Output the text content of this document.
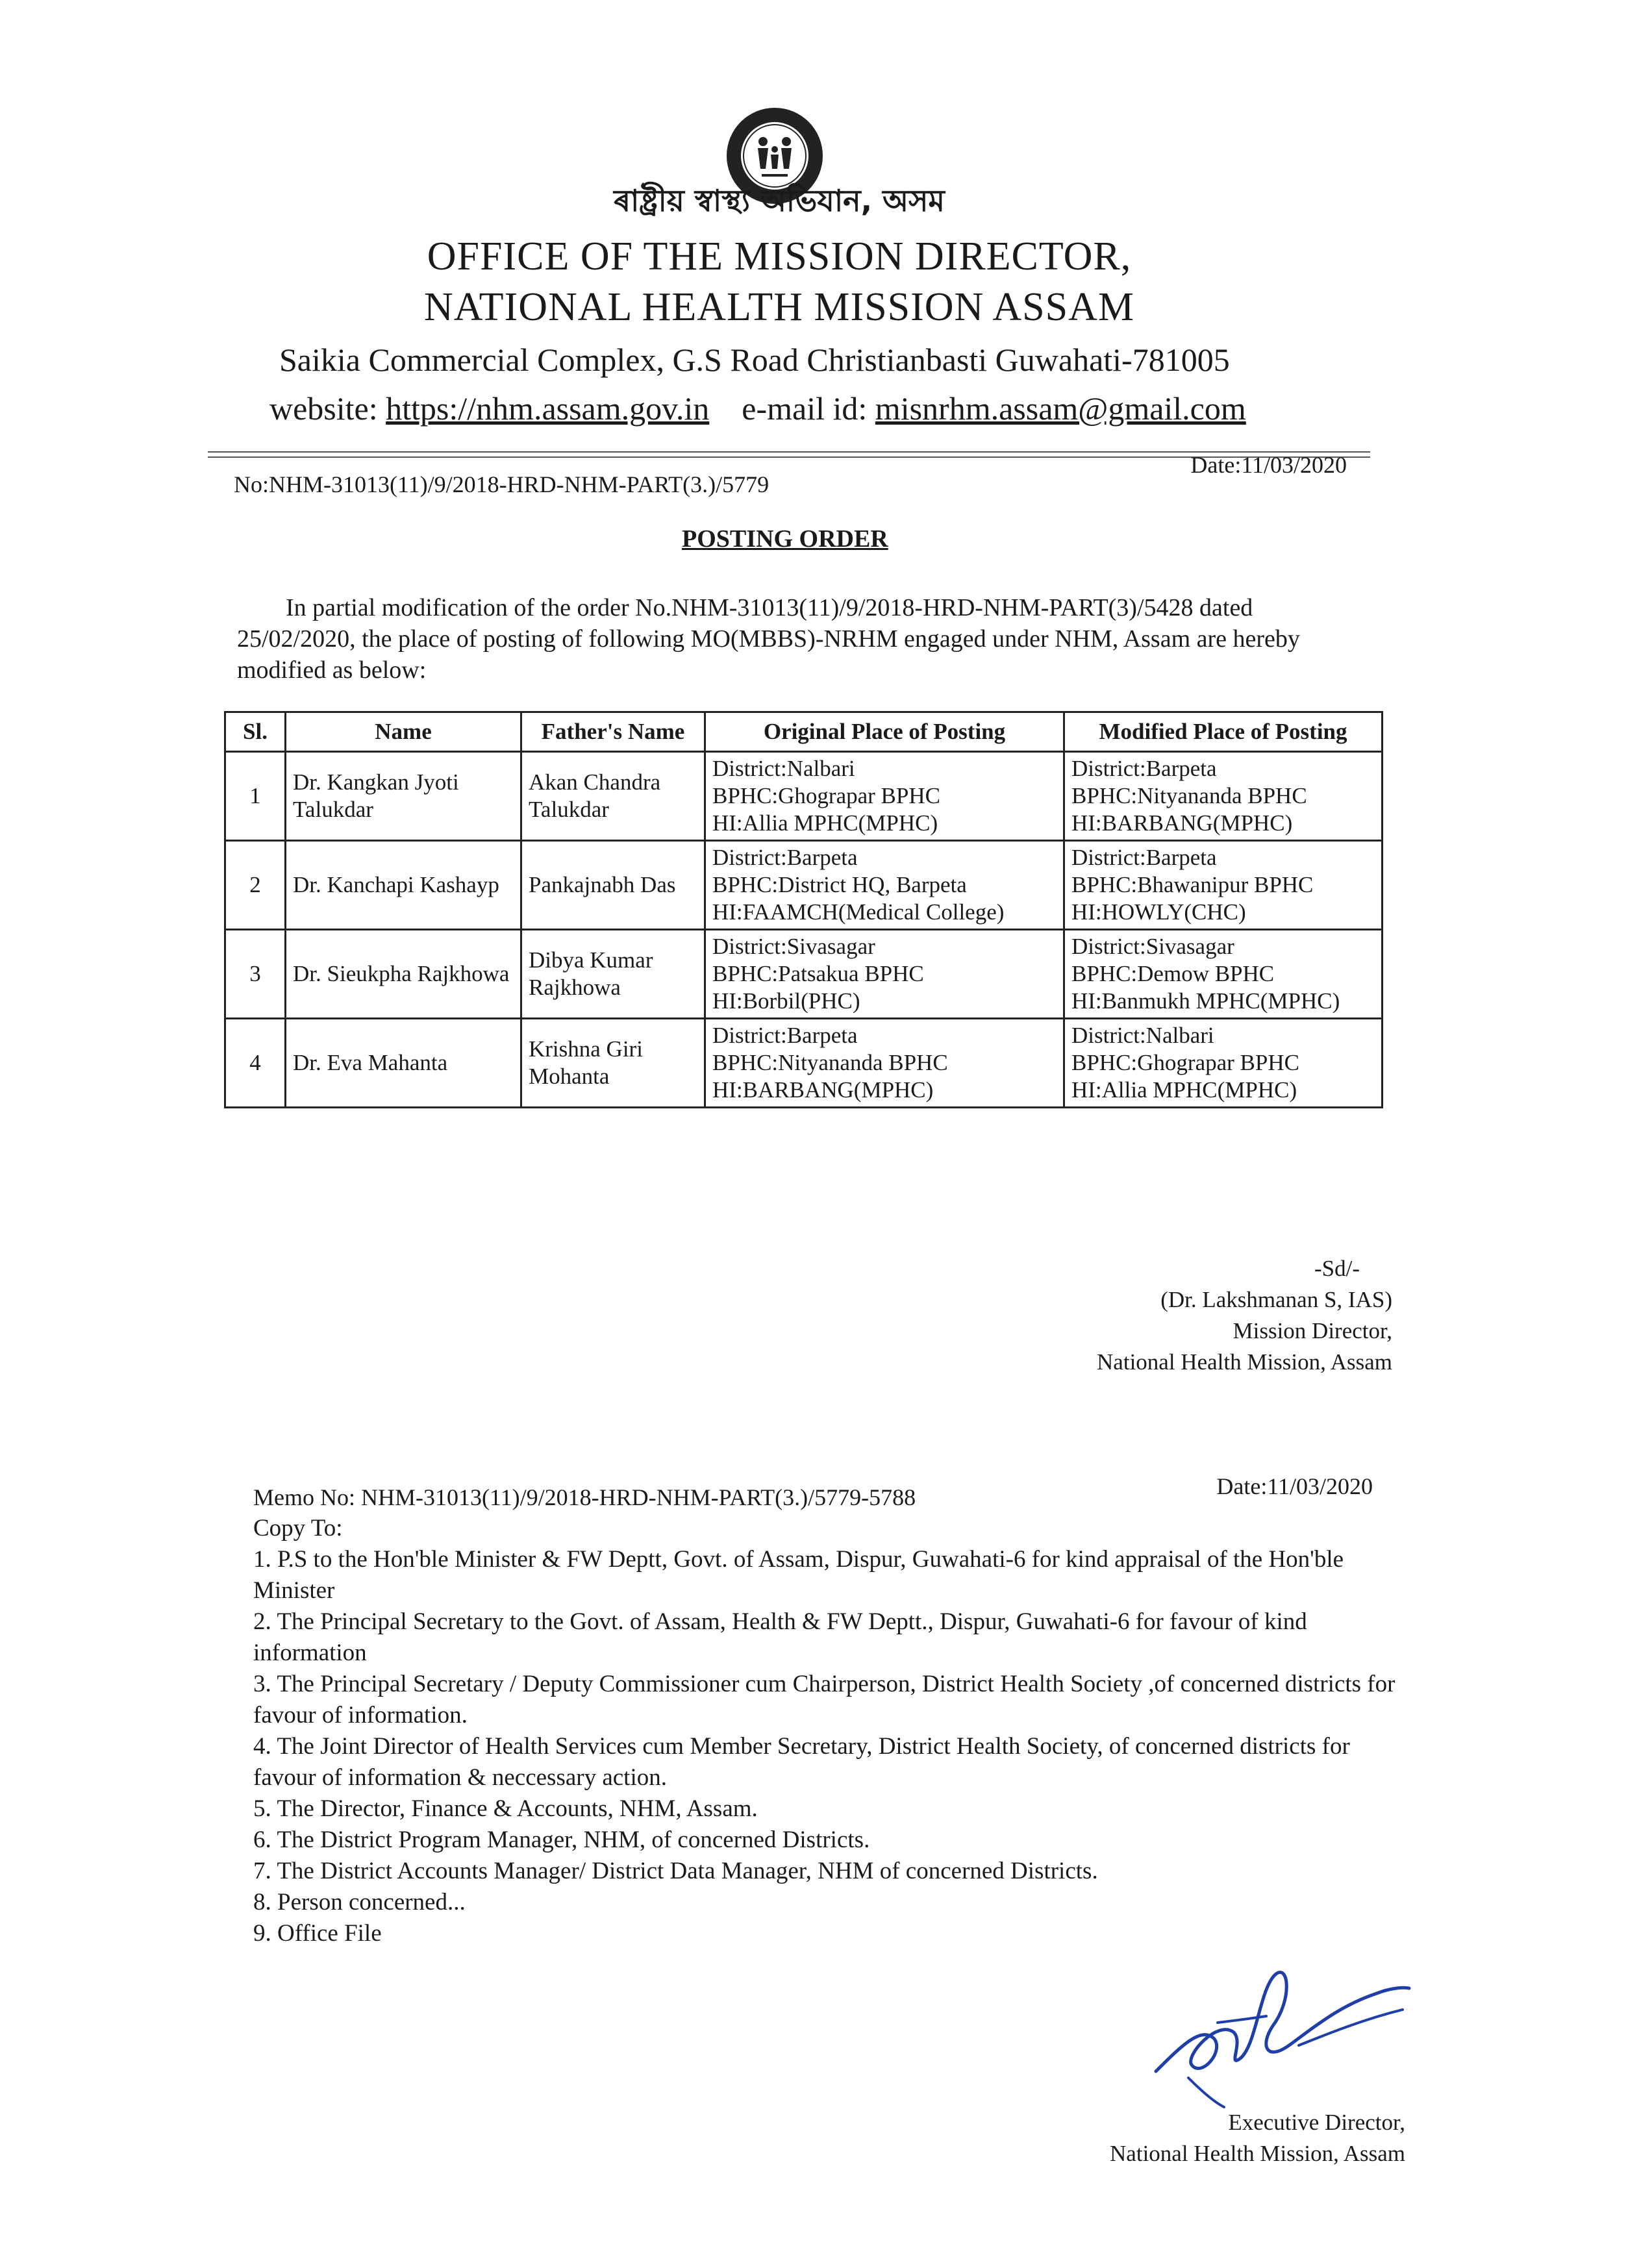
ৰাষ্ট্ৰীয় স্বাস্থ্য অভিযান, অসম
OFFICE OF THE MISSION DIRECTOR,
NATIONAL HEALTH MISSION ASSAM
Saikia Commercial Complex, G.S Road Christianbasti Guwahati-781005
website: https://nhm.assam.gov.in e-mail id: misnrhm.assam@gmail.com
No:NHM-31013(11)/9/2018-HRD-NHM-PART(3.)/5779
Date:11/03/2020
POSTING ORDER
In partial modification of the order No.NHM-31013(11)/9/2018-HRD-NHM-PART(3)/5428 dated 25/02/2020, the place of posting of following MO(MBBS)-NRHM engaged under NHM, Assam are hereby modified as below:
Sl.	Name	Father's Name	Original Place of Posting	Modified Place of Posting
1	Dr. Kangkan Jyoti Talukdar	Akan Chandra Talukdar	District:Nalbari
BPHC:Ghograpar BPHC
HI:Allia MPHC(MPHC)	District:Barpeta
BPHC:Nityananda BPHC
HI:BARBANG(MPHC)

2	Dr. Kanchapi Kashayp	Pankajnabh Das	District:Barpeta
BPHC:District HQ, Barpeta
HI:FAAMCH(Medical College)	District:Barpeta
BPHC:Bhawanipur BPHC
HI:HOWLY(CHC)

3	Dr. Sieukpha Rajkhowa	Dibya Kumar Rajkhowa	District:Sivasagar
BPHC:Patsakua BPHC
HI:Borbil(PHC)	District:Sivasagar
BPHC:Demow BPHC
HI:Banmukh MPHC(MPHC)

4	Dr. Eva Mahanta	Krishna Giri Mohanta	District:Barpeta
BPHC:Nityananda BPHC
HI:BARBANG(MPHC)	District:Nalbari
BPHC:Ghograpar BPHC
HI:Allia MPHC(MPHC)
-Sd/-
(Dr. Lakshmanan S, IAS)
Mission Director,
National Health Mission, Assam
Memo No: NHM-31013(11)/9/2018-HRD-NHM-PART(3.)/5779-5788	Date:11/03/2020
Copy To:
1. P.S to the Hon'ble Minister & FW Deptt, Govt. of Assam, Dispur, Guwahati-6 for kind appraisal of the Hon'ble Minister
2. The Principal Secretary to the Govt. of Assam, Health & FW Deptt., Dispur, Guwahati-6 for favour of kind information
3. The Principal Secretary / Deputy Commissioner cum Chairperson, District Health Society ,of concerned districts for favour of information.
4. The Joint Director of Health Services cum Member Secretary, District Health Society, of concerned districts for favour of information & neccessary action.
5. The Director, Finance & Accounts, NHM, Assam.
6. The District Program Manager, NHM, of concerned Districts.
7. The District Accounts Manager/ District Data Manager, NHM of concerned Districts.
8. Person concerned...
9. Office File
Executive Director,
National Health Mission, Assam
